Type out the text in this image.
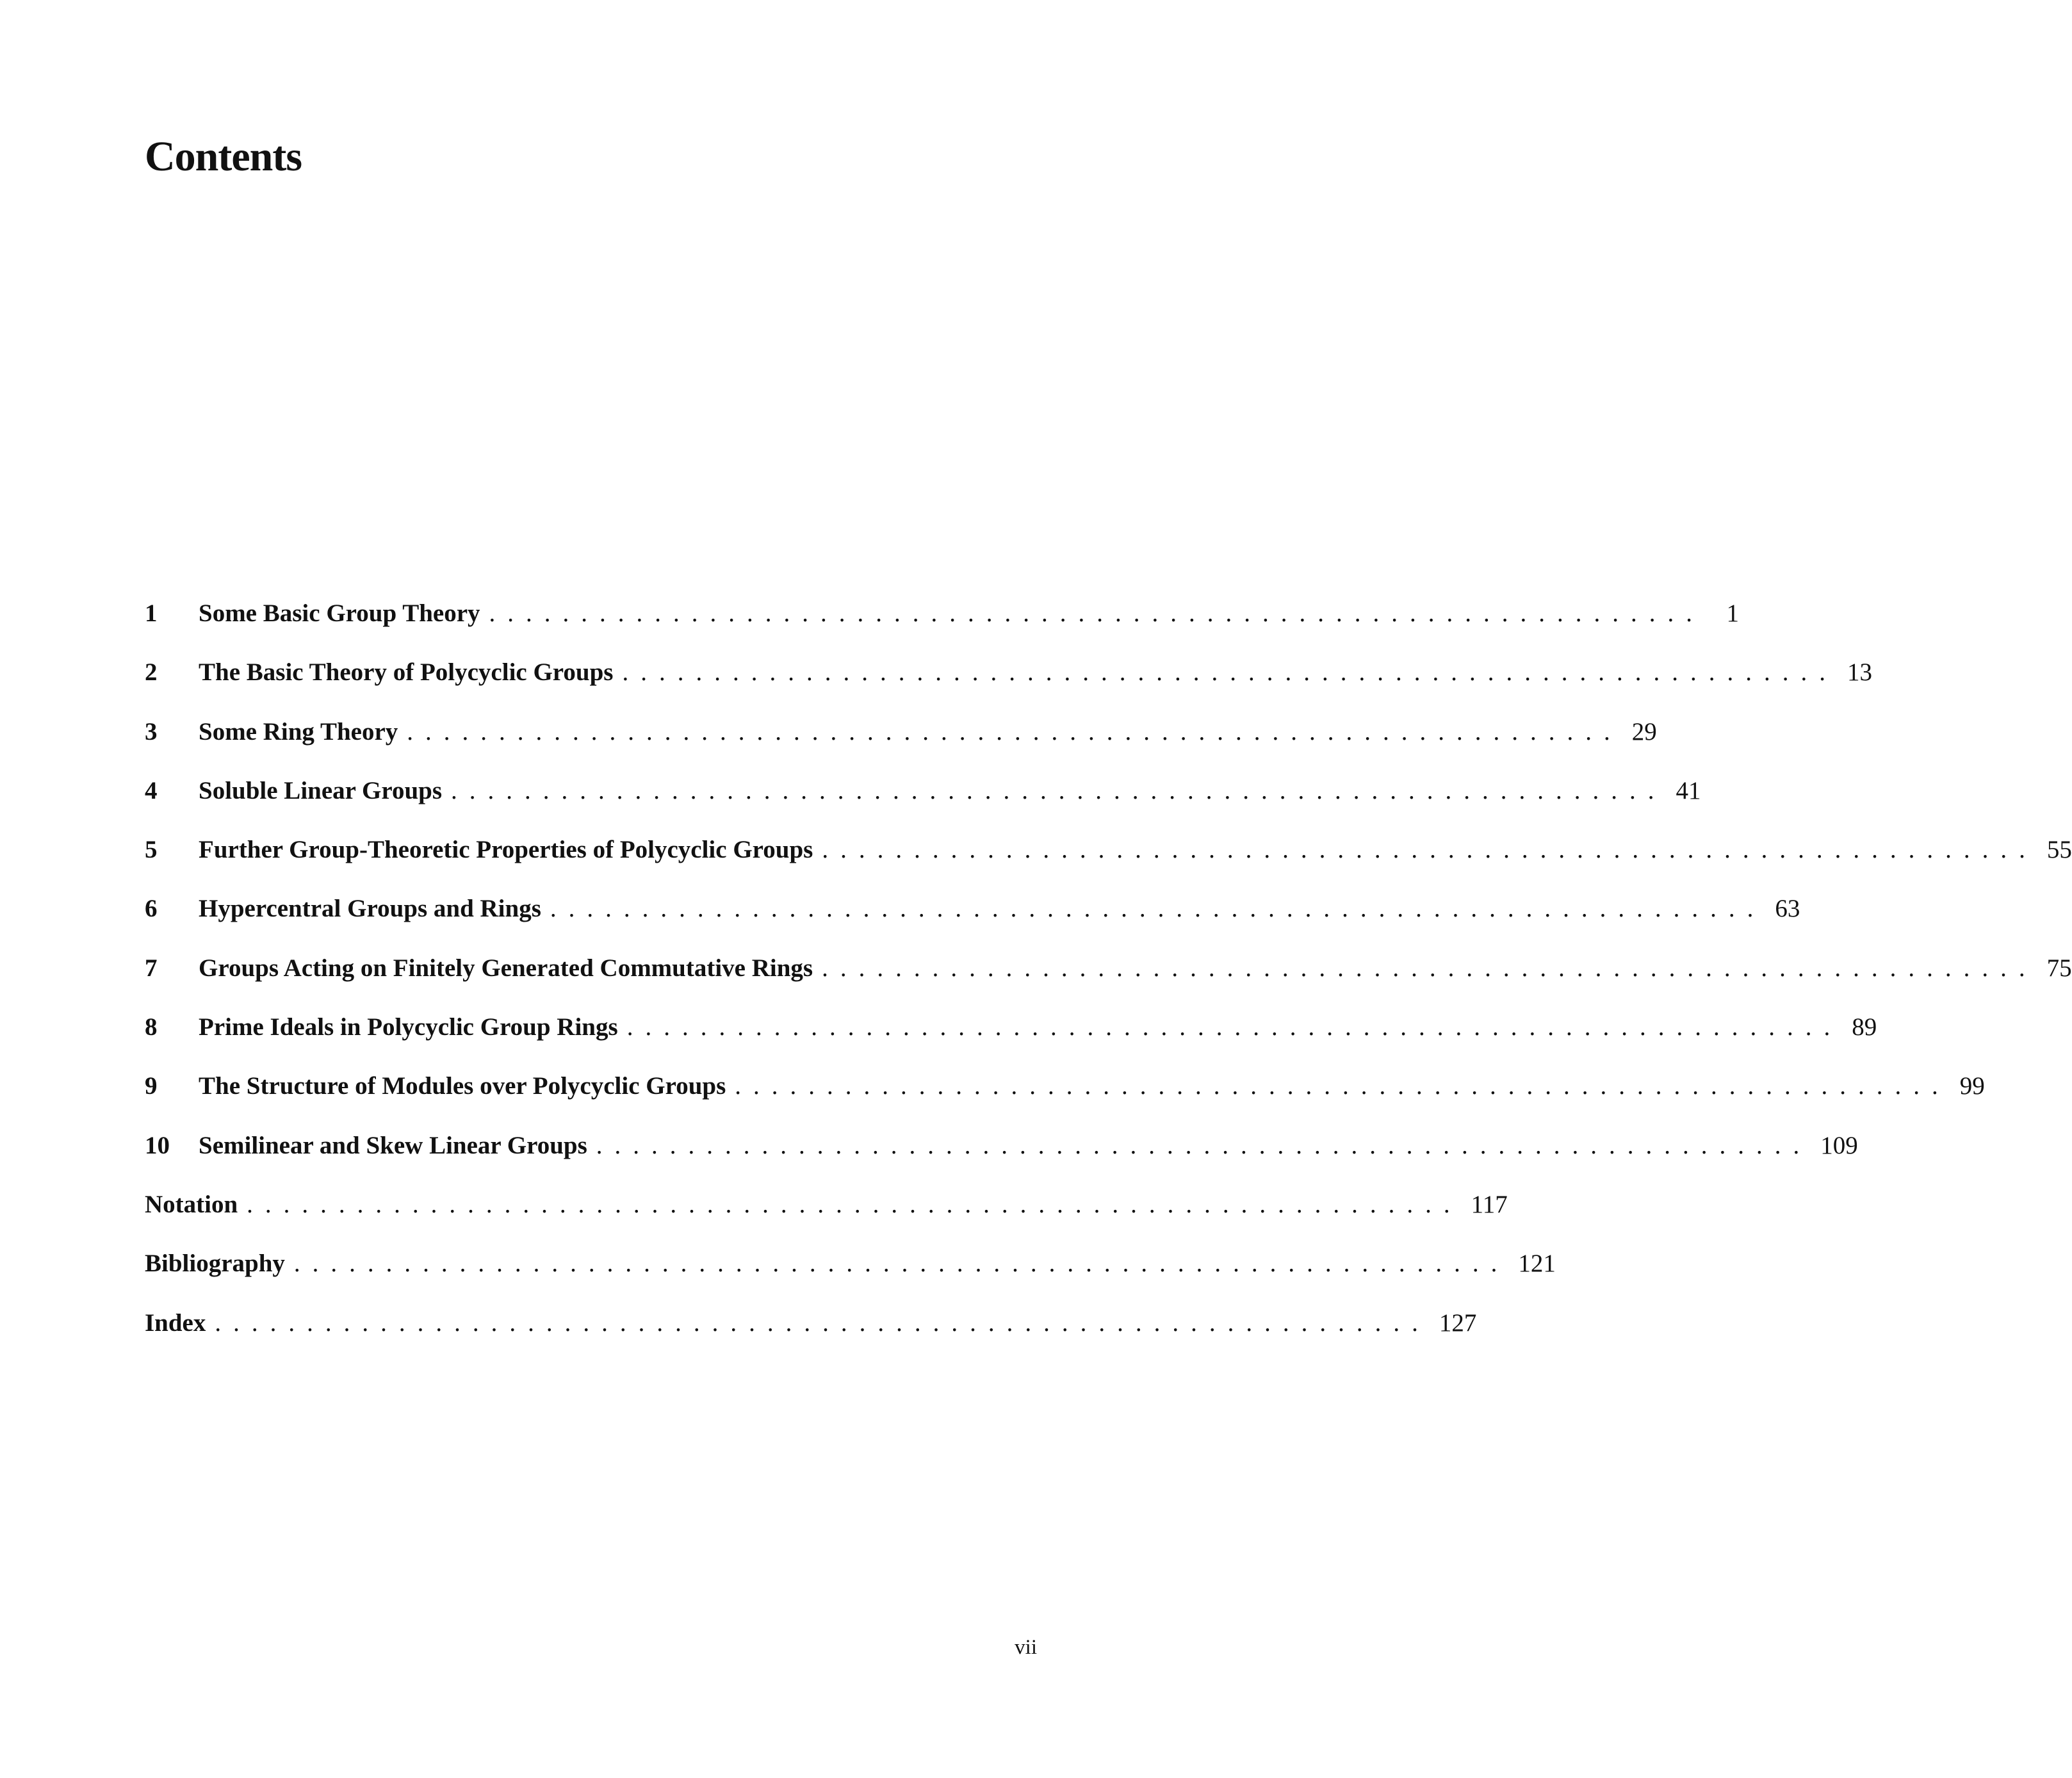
Contents
1	Some Basic Group Theory .................................................................. 1
2	The Basic Theory of Polycyclic Groups .................................................................. 13
3	Some Ring Theory .................................................................. 29
4	Soluble Linear Groups .................................................................. 41
5	Further Group-Theoretic Properties of Polycyclic Groups .................................................................. 55
6	Hypercentral Groups and Rings .................................................................. 63
7	Groups Acting on Finitely Generated Commutative Rings .................................................................. 75
8	Prime Ideals in Polycyclic Group Rings .................................................................. 89
9	The Structure of Modules over Polycyclic Groups .................................................................. 99
10	Semilinear and Skew Linear Groups .................................................................. 109
Notation .................................................................. 117
Bibliography .................................................................. 121
Index .................................................................. 127
vii
